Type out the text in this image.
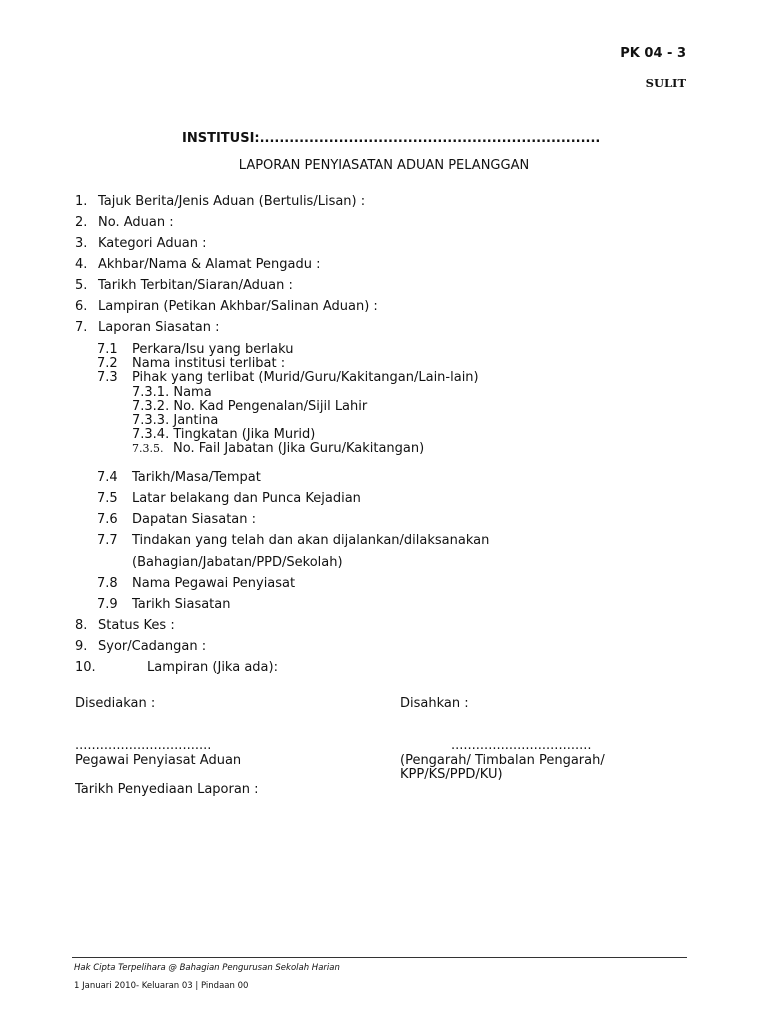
PK 04 - 3
SULIT
INSTITUSI:.....................................................................
LAPORAN PENYIASATAN ADUAN PELANGGAN
1. Tajuk Berita/Jenis Aduan (Bertulis/Lisan) :
2. No. Aduan :
3. Kategori Aduan :
4. Akhbar/Nama & Alamat Pengadu :
5. Tarikh Terbitan/Siaran/Aduan :
6. Lampiran (Petikan Akhbar/Salinan Aduan) :
7. Laporan Siasatan :
7.1 Perkara/Isu yang berlaku
7.2 Nama institusi terlibat :
7.3 Pihak yang terlibat (Murid/Guru/Kakitangan/Lain-lain)
7.3.1. Nama
7.3.2. No. Kad Pengenalan/Sijil Lahir
7.3.3. Jantina
7.3.4. Tingkatan (Jika Murid)
7.3.5. No. Fail Jabatan (Jika Guru/Kakitangan)
7.4 Tarikh/Masa/Tempat
7.5 Latar belakang dan Punca Kejadian
7.6 Dapatan Siasatan :
7.7 Tindakan yang telah dan akan dijalankan/dilaksanakan
(Bahagian/Jabatan/PPD/Sekolah)
7.8 Nama Pegawai Penyiasat
7.9 Tarikh Siasatan
8. Status Kes :
9. Syor/Cadangan :
10.	Lampiran (Jika ada):
Disediakan :	Disahkan :
.................................	..................................
Pegawai Penyiasat Aduan	(Pengarah/ Timbalan Pengarah/
KPP/KS/PPD/KU)
Tarikh Penyediaan Laporan :
Hak Cipta Terpelihara @ Bahagian Pengurusan Sekolah Harian
1 Januari 2010- Keluaran 03 | Pindaan 00
